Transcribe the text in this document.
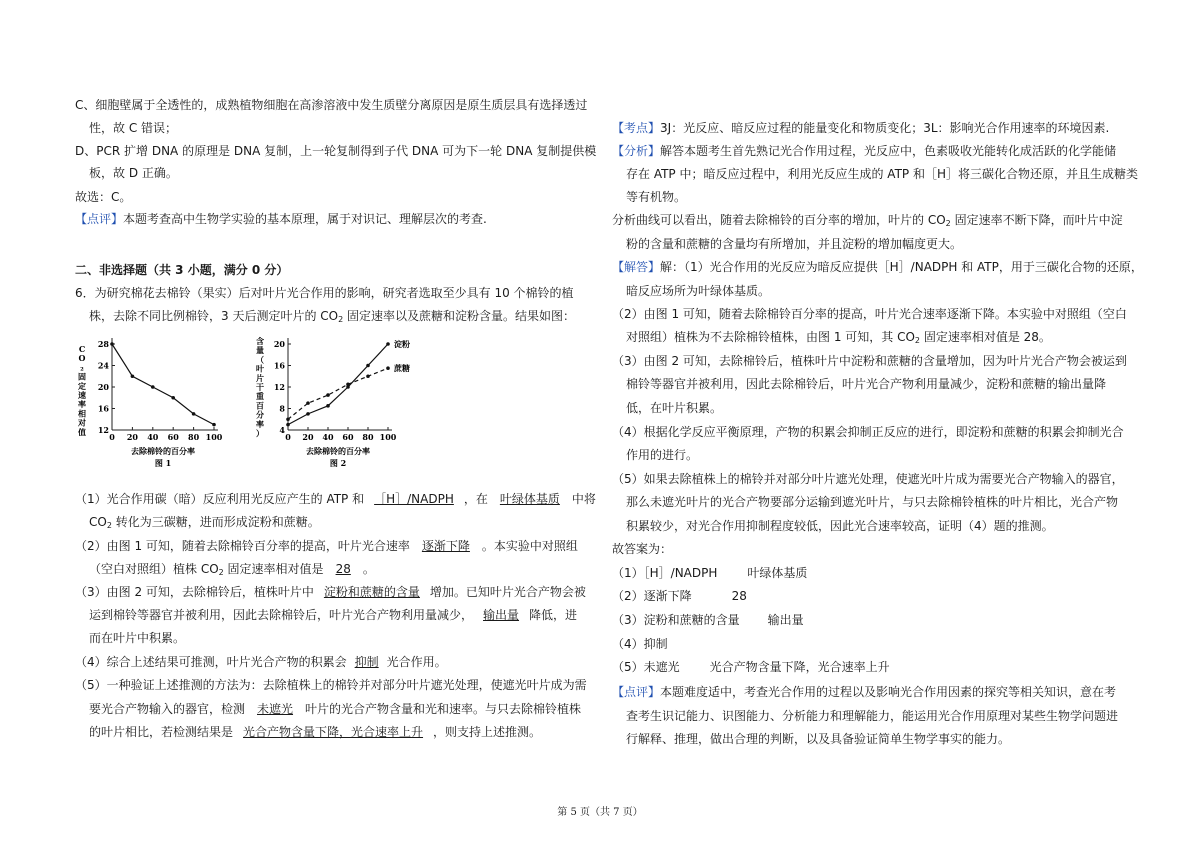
C、细胞壁属于全透性的，成熟植物细胞在高渗溶液中发生质壁分离原因是原生质层具有选择透过
性，故 C 错误；
D、PCR 扩增 DNA 的原理是 DNA 复制，上一轮复制得到子代 DNA 可为下一轮 DNA 复制提供模
板，故 D 正确。
故选：C。
【点评】本题考查高中生物学实验的基本原理，属于对识记、理解层次的考查.
二、非选择题（共 3 小题，满分 0 分）
6．为研究棉花去棉铃（果实）后对叶片光合作用的影响，研究者选取至少具有 10 个棉铃的植
株，去除不同比例棉铃，3 天后测定叶片的 $CO_2$ 固定速率以及蔗糖和淀粉含量。结果如图：
12
16
20
24
28
0 20 40 60 80 100
去除棉铃的百分率
图 1
C
O
₂
固
定
速
率
相
对
值	4
8
12
16
20
0 20 40 60 80 100
淀粉
蔗糖
去除棉铃的百分率
图 2
含
量
（
叶
片
干
重
百
分
率
）
（1）光合作用碳（暗）反应利用光反应产生的 ATP 和 ［H］/NADPH ，在 叶绿体基质 中将
$CO_2$ 转化为三碳糖，进而形成淀粉和蔗糖。
（2）由图 1 可知，随着去除棉铃百分率的提高，叶片光合速率 逐渐下降 。本实验中对照组
（空白对照组）植株 $CO_2$ 固定速率相对值是 28 。
（3）由图 2 可知，去除棉铃后，植株叶片中 淀粉和蔗糖的含量 增加。已知叶片光合产物会被
运到棉铃等器官并被利用，因此去除棉铃后，叶片光合产物利用量减少， 输出量 降低，进
而在叶片中积累。
（4）综合上述结果可推测，叶片光合产物的积累会 抑制 光合作用。
（5）一种验证上述推测的方法为：去除植株上的棉铃并对部分叶片遮光处理，使遮光叶片成为需
要光合产物输入的器官，检测 未遮光 叶片的光合产物含量和光和速率。与只去除棉铃植株
的叶片相比，若检测结果是 光合产物含量下降，光合速率上升 ，则支持上述推测。
【考点】3J：光反应、暗反应过程的能量变化和物质变化；3L：影响光合作用速率的环境因素.
【分析】解答本题考生首先熟记光合作用过程，光反应中，色素吸收光能转化成活跃的化学能储
存在 ATP 中；暗反应过程中，利用光反应生成的 ATP 和［H］将三碳化合物还原，并且生成糖类
等有机物。
分析曲线可以看出，随着去除棉铃的百分率的增加，叶片的 $CO_2$ 固定速率不断下降，而叶片中淀
粉的含量和蔗糖的含量均有所增加，并且淀粉的增加幅度更大。
【解答】解：（1）光合作用的光反应为暗反应提供［H］/NADPH 和 ATP，用于三碳化合物的还原，
暗反应场所为叶绿体基质。
（2）由图 1 可知，随着去除棉铃百分率的提高，叶片光合速率逐渐下降。本实验中对照组（空白
对照组）植株为不去除棉铃植株，由图 1 可知，其 $CO_2$ 固定速率相对值是 28。
（3）由图 2 可知，去除棉铃后，植株叶片中淀粉和蔗糖的含量增加，因为叶片光合产物会被运到
棉铃等器官并被利用，因此去除棉铃后，叶片光合产物利用量减少，淀粉和蔗糖的输出量降
低，在叶片积累。
（4）根据化学反应平衡原理，产物的积累会抑制正反应的进行，即淀粉和蔗糖的积累会抑制光合
作用的进行。
（5）如果去除植株上的棉铃并对部分叶片遮光处理，使遮光叶片成为需要光合产物输入的器官，
那么未遮光叶片的光合产物要部分运输到遮光叶片，与只去除棉铃植株的叶片相比，光合产物
积累较少，对光合作用抑制程度较低，因此光合速率较高，证明（4）题的推测。
故答案为：
（1）［H］/NADPH	叶绿体基质
（2）逐渐下降	28
（3）淀粉和蔗糖的含量 输出量
（4）抑制
（5）未遮光	光合产物含量下降，光合速率上升
【点评】本题难度适中，考查光合作用的过程以及影响光合作用因素的探究等相关知识，意在考
查考生识记能力、识图能力、分析能力和理解能力，能运用光合作用原理对某些生物学问题进
行解释、推理，做出合理的判断，以及具备验证简单生物学事实的能力。
第 5 页（共 7 页）
